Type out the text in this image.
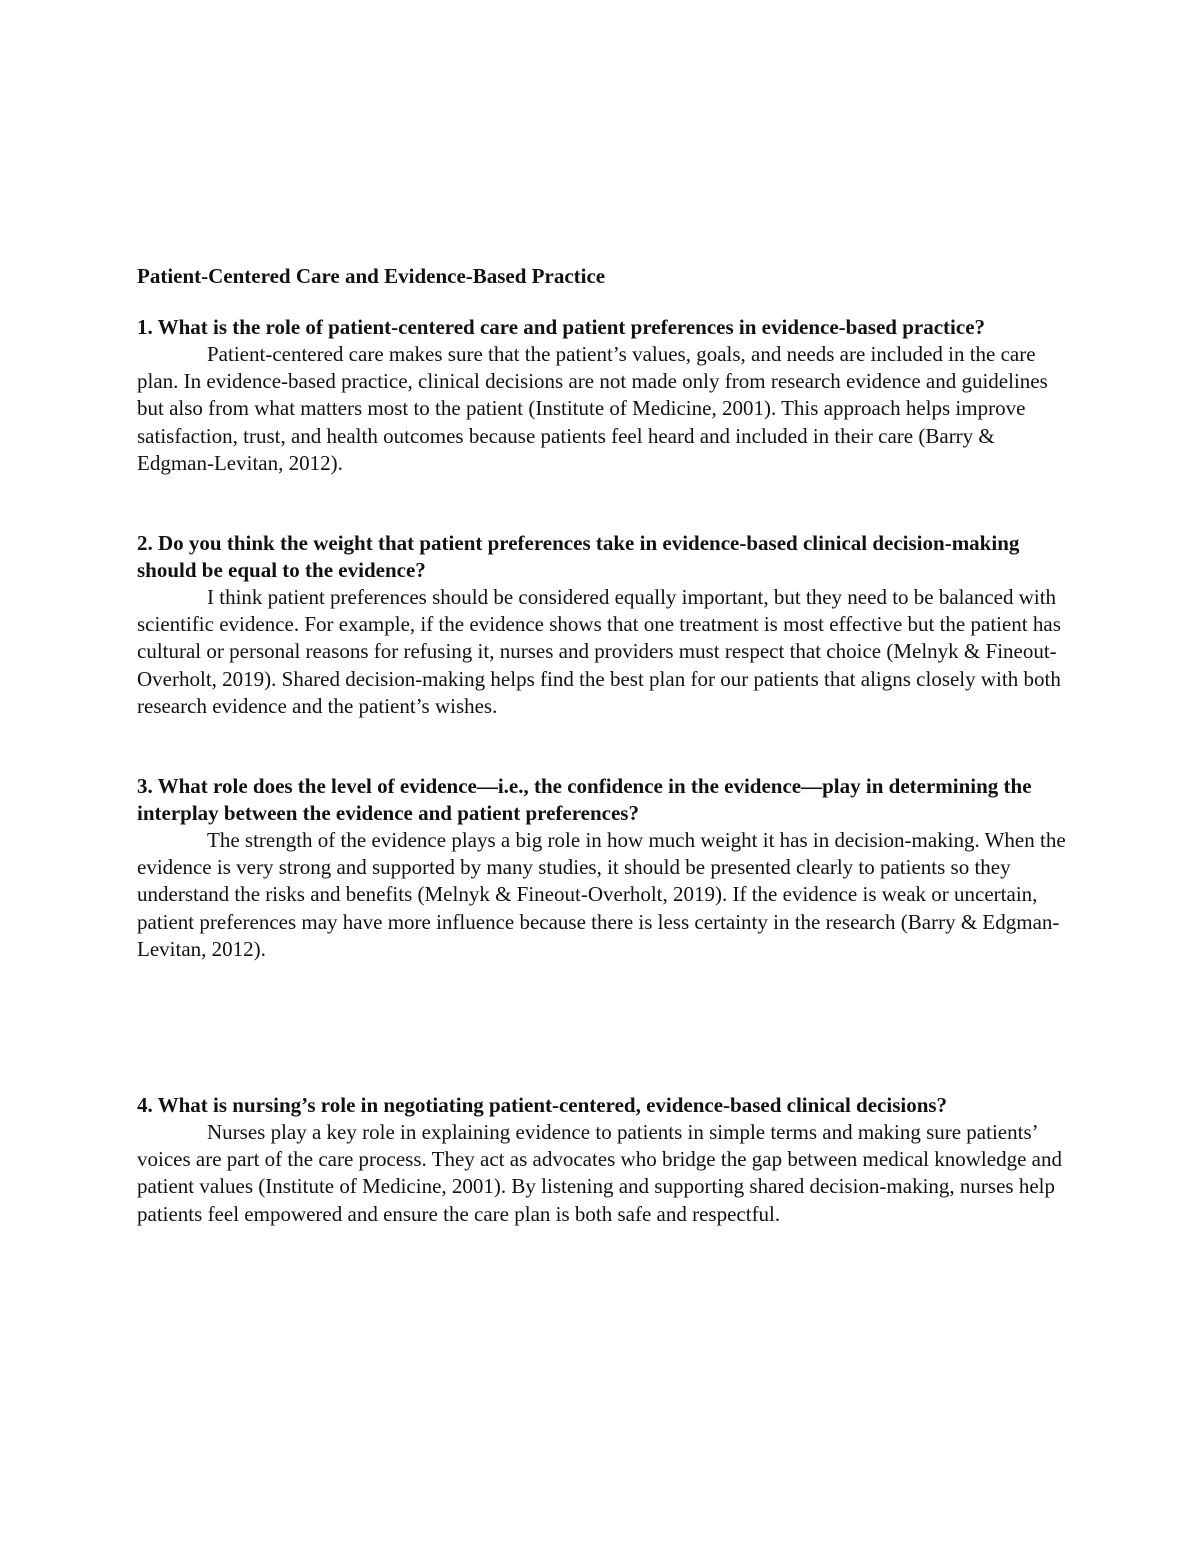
Patient-Centered Care and Evidence-Based Practice

1. What is the role of patient-centered care and patient preferences in evidence-based practice?

Patient-centered care makes sure that the patient’s values, goals, and needs are included in the care plan. In evidence-based practice, clinical decisions are not made only from research evidence and guidelines but also from what matters most to the patient (Institute of Medicine, 2001). This approach helps improve satisfaction, trust, and health outcomes because patients feel heard and included in their care (Barry & Edgman-Levitan, 2012).

2. Do you think the weight that patient preferences take in evidence-based clinical decision-making should be equal to the evidence?

I think patient preferences should be considered equally important, but they need to be balanced with scientific evidence. For example, if the evidence shows that one treatment is most effective but the patient has cultural or personal reasons for refusing it, nurses and providers must respect that choice (Melnyk & Fineout-Overholt, 2019). Shared decision-making helps find the best plan for our patients that aligns closely with both research evidence and the patient’s wishes.

3. What role does the level of evidence—i.e., the confidence in the evidence—play in determining the interplay between the evidence and patient preferences?

The strength of the evidence plays a big role in how much weight it has in decision-making. When the evidence is very strong and supported by many studies, it should be presented clearly to patients so they understand the risks and benefits (Melnyk & Fineout-Overholt, 2019). If the evidence is weak or uncertain, patient preferences may have more influence because there is less certainty in the research (Barry & Edgman-Levitan, 2012).

4. What is nursing’s role in negotiating patient-centered, evidence-based clinical decisions?

Nurses play a key role in explaining evidence to patients in simple terms and making sure patients’ voices are part of the care process. They act as advocates who bridge the gap between medical knowledge and patient values (Institute of Medicine, 2001). By listening and supporting shared decision-making, nurses help patients feel empowered and ensure the care plan is both safe and respectful.
